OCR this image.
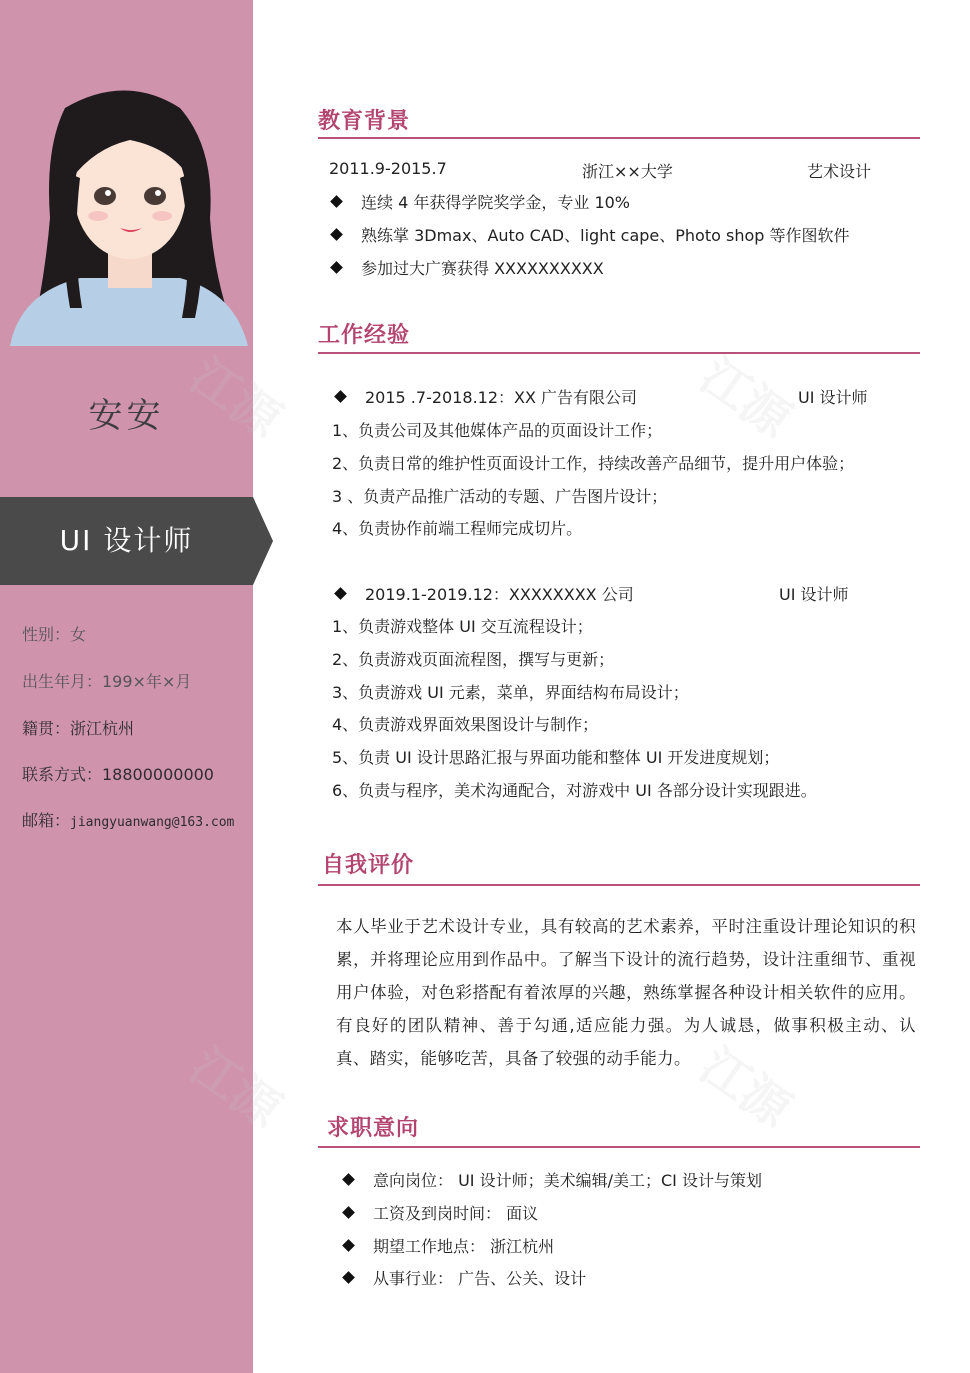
安安
UI 设计师
性别：女
出生年月：199×年×月
籍贯：浙江杭州
联系方式：18800000000
邮箱：jiangyuanwang@163.com
江源
江源
教育背景
2011.9-2015.7	浙江××大学	艺术设计
连续 4 年获得学院奖学金，专业 10%
熟练掌 3Dmax、Auto CAD、light cape、Photo shop 等作图软件
参加过大广赛获得 XXXXXXXXXX
工作经验
2015 .7-2018.12：XX 广告有限公司	UI 设计师
1、负责公司及其他媒体产品的页面设计工作；
2、负责日常的维护性页面设计工作，持续改善产品细节，提升用户体验；
3 、负责产品推广活动的专题、广告图片设计；
4、负责协作前端工程师完成切片。
2019.1-2019.12：XXXXXXXX 公司	UI 设计师
1、负责游戏整体 UI 交互流程设计；
2、负责游戏页面流程图，撰写与更新；
3、负责游戏 UI 元素，菜单，界面结构布局设计；
4、负责游戏界面效果图设计与制作；
5、负责 UI 设计思路汇报与界面功能和整体 UI 开发进度规划；
6、负责与程序，美术沟通配合，对游戏中 UI 各部分设计实现跟进。
自我评价
本人毕业于艺术设计专业，具有较高的艺术素养，平时注重设计理论知识的积累，并将理论应用到作品中。了解当下设计的流行趋势，设计注重细节、重视用户体验，对色彩搭配有着浓厚的兴趣，熟练掌握各种设计相关软件的应用。有良好的团队精神、善于勾通,适应能力强。为人诚恳，做事积极主动、认真、踏实，能够吃苦，具备了较强的动手能力。
求职意向
意向岗位： UI 设计师；美术编辑/美工；CI 设计与策划
工资及到岗时间： 面议
期望工作地点： 浙江杭州
从事行业： 广告、公关、设计
